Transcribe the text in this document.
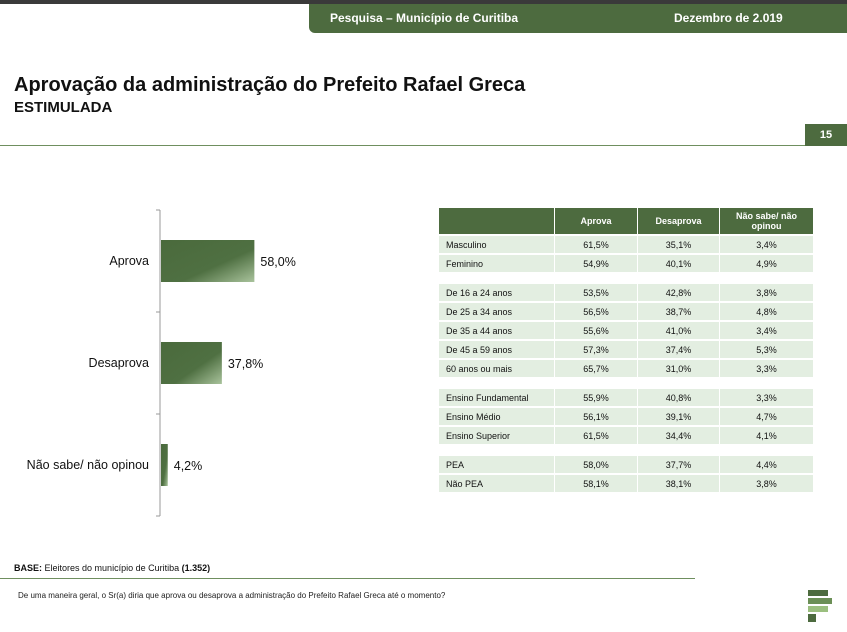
Pesquisa – Município de Curitiba	Dezembro de 2.019
Aprovação da administração do Prefeito Rafael Greca
ESTIMULADA
15
Aprova	58,0%
Desaprova	37,8%
Não sabe/ não opinou 4,2%
	Aprova	Desaprova	Não sabe/ não opinou
Masculino	61,5%	35,1%	3,4%
Feminino	54,9%	40,1%	4,9%

De 16 a 24 anos	53,5%	42,8%	3,8%
De 25 a 34 anos	56,5%	38,7%	4,8%
De 35 a 44 anos	55,6%	41,0%	3,4%
De 45 a 59 anos	57,3%	37,4%	5,3%
60 anos ou mais	65,7%	31,0%	3,3%

Ensino Fundamental	55,9%	40,8%	3,3%
Ensino Médio	56,1%	39,1%	4,7%
Ensino Superior	61,5%	34,4%	4,1%

PEA	58,0%	37,7%	4,4%
Não PEA	58,1%	38,1%	3,8%
BASE: Eleitores do município de Curitiba (1.352)
De uma maneira geral, o Sr(a) diria que aprova ou desaprova a administração do Prefeito Rafael Greca até o momento?
